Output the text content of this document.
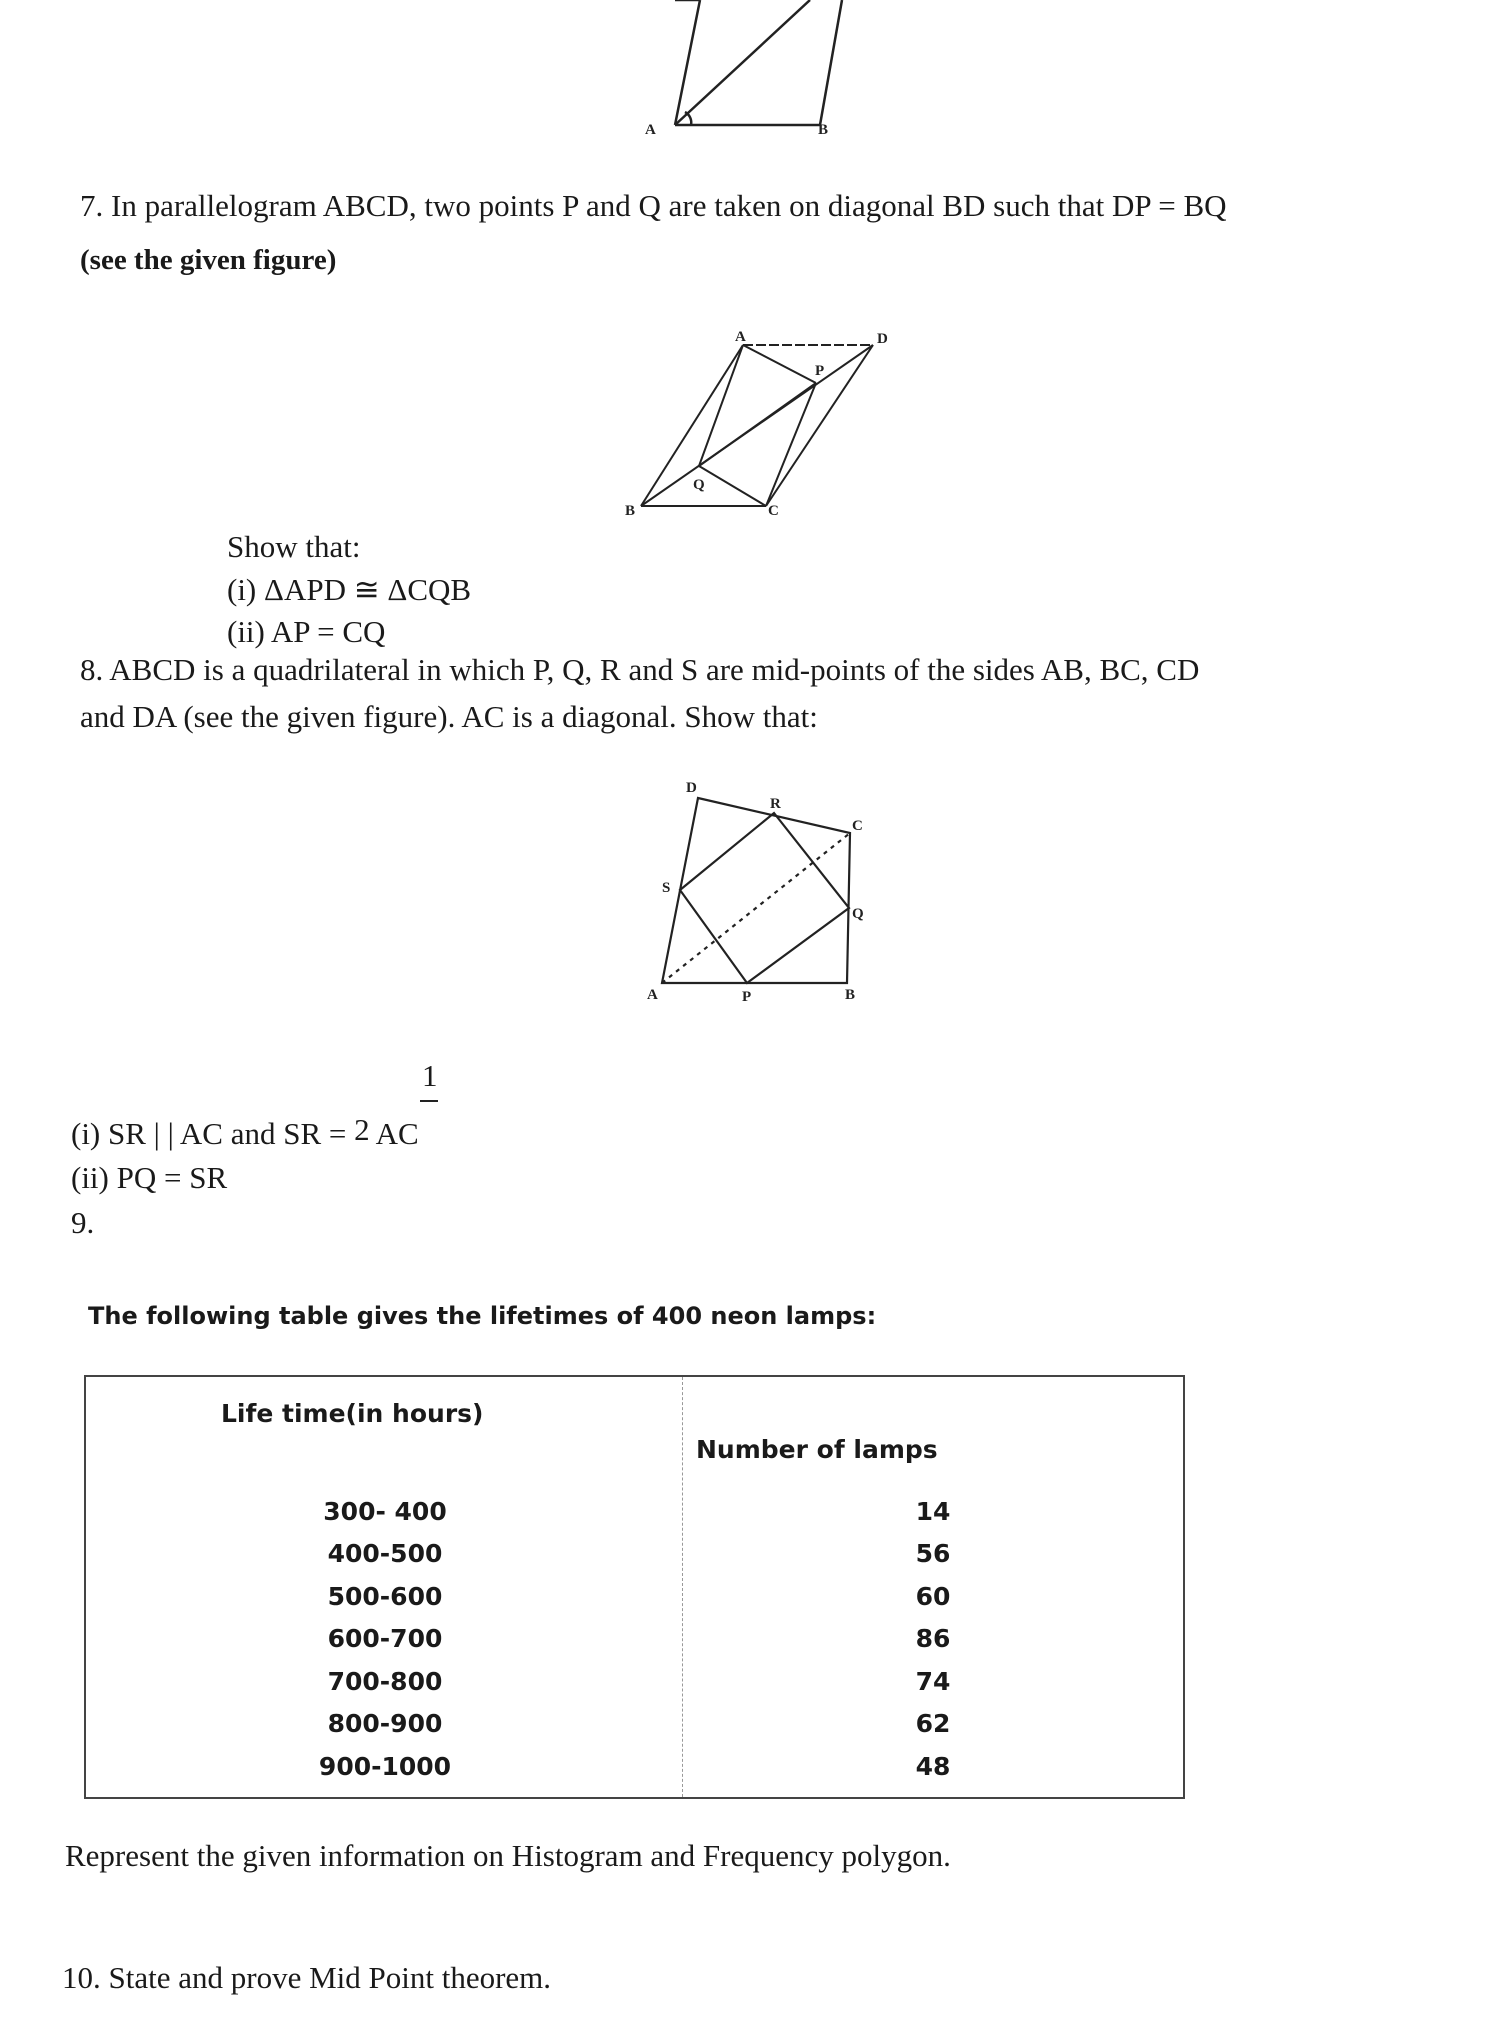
A	B
7. In parallelogram ABCD, two points P and Q are taken on diagonal BD such that DP = BQ
(see the given figure)
A	D
P
Q
B	C
Show that:
(i) ΔAPD ≅ ΔCQB
(ii) AP = CQ
8. ABCD is a quadrilateral in which P, Q, R and S are mid-points of the sides AB, BC, CD
and DA (see the given figure). AC is a diagonal. Show that:
D
R
C
S
Q
A	P	B
1
(i) SR | | AC and SR = 2 AC
(ii) PQ = SR
9.
The following table gives the lifetimes of 400 neon lamps:
Life time(in hours)
Number of lamps
300- 400	14
400-500	56
500-600	60
600-700	86
700-800	74
800-900	62
900-1000	48
Represent the given information on Histogram and Frequency polygon.
10. State and prove Mid Point theorem.
